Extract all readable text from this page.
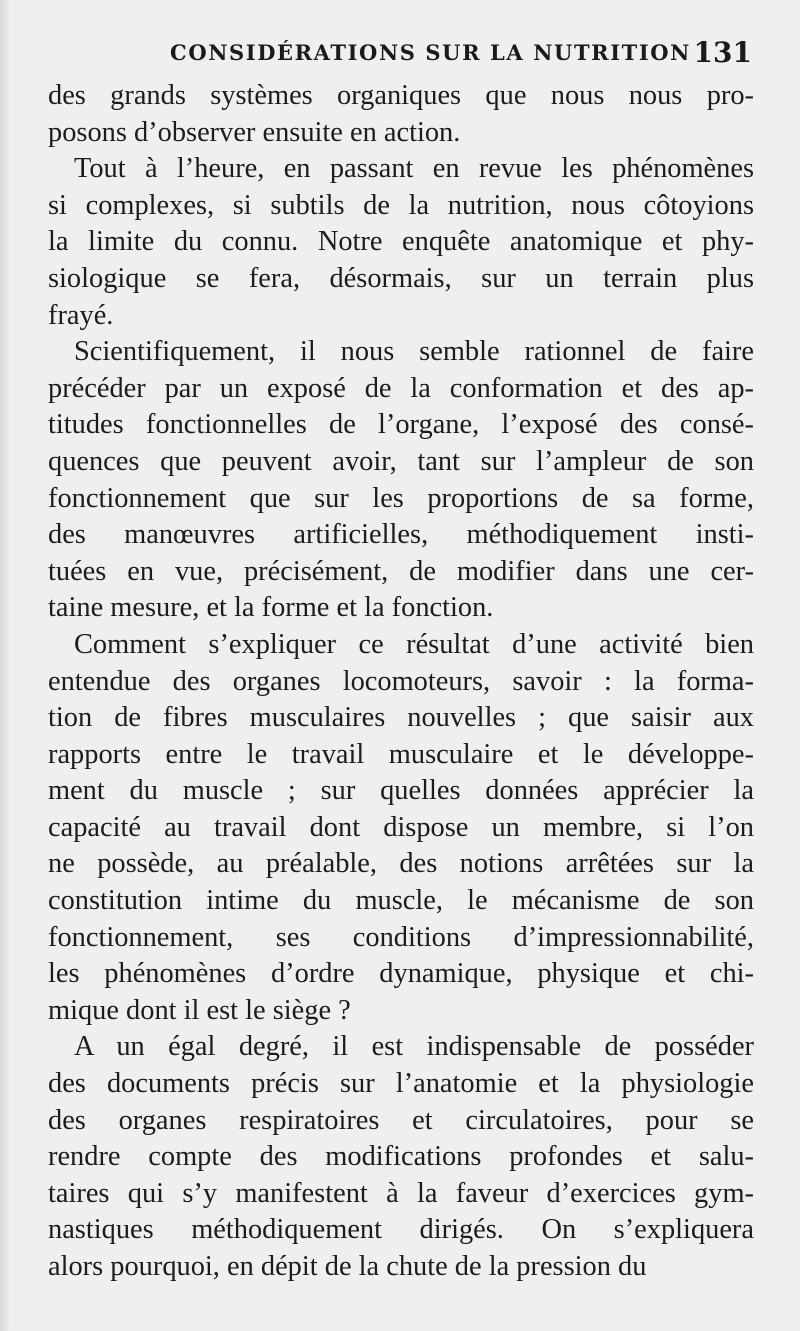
CONSIDÉRATIONS SUR LA NUTRITION 131
des grands systèmes organiques que nous nous pro-
posons d’observer ensuite en action.
Tout à l’heure, en passant en revue les phénomènes
si complexes, si subtils de la nutrition, nous côtoyions
la limite du connu. Notre enquête anatomique et phy-
siologique se fera, désormais, sur un terrain plus
frayé.
Scientifiquement, il nous semble rationnel de faire
précéder par un exposé de la conformation et des ap-
titudes fonctionnelles de l’organe, l’exposé des consé-
quences que peuvent avoir, tant sur l’ampleur de son
fonctionnement que sur les proportions de sa forme,
des manœuvres artificielles, méthodiquement insti-
tuées en vue, précisément, de modifier dans une cer-
taine mesure, et la forme et la fonction.
Comment s’expliquer ce résultat d’une activité bien
entendue des organes locomoteurs, savoir : la forma-
tion de fibres musculaires nouvelles ; que saisir aux
rapports entre le travail musculaire et le développe-
ment du muscle ; sur quelles données apprécier la
capacité au travail dont dispose un membre, si l’on
ne possède, au préalable, des notions arrêtées sur la
constitution intime du muscle, le mécanisme de son
fonctionnement, ses conditions d’impressionnabilité,
les phénomènes d’ordre dynamique, physique et chi-
mique dont il est le siège ?
A un égal degré, il est indispensable de posséder
des documents précis sur l’anatomie et la physiologie
des organes respiratoires et circulatoires, pour se
rendre compte des modifications profondes et salu-
taires qui s’y manifestent à la faveur d’exercices gym-
nastiques méthodiquement dirigés. On s’expliquera
alors pourquoi, en dépit de la chute de la pression du
